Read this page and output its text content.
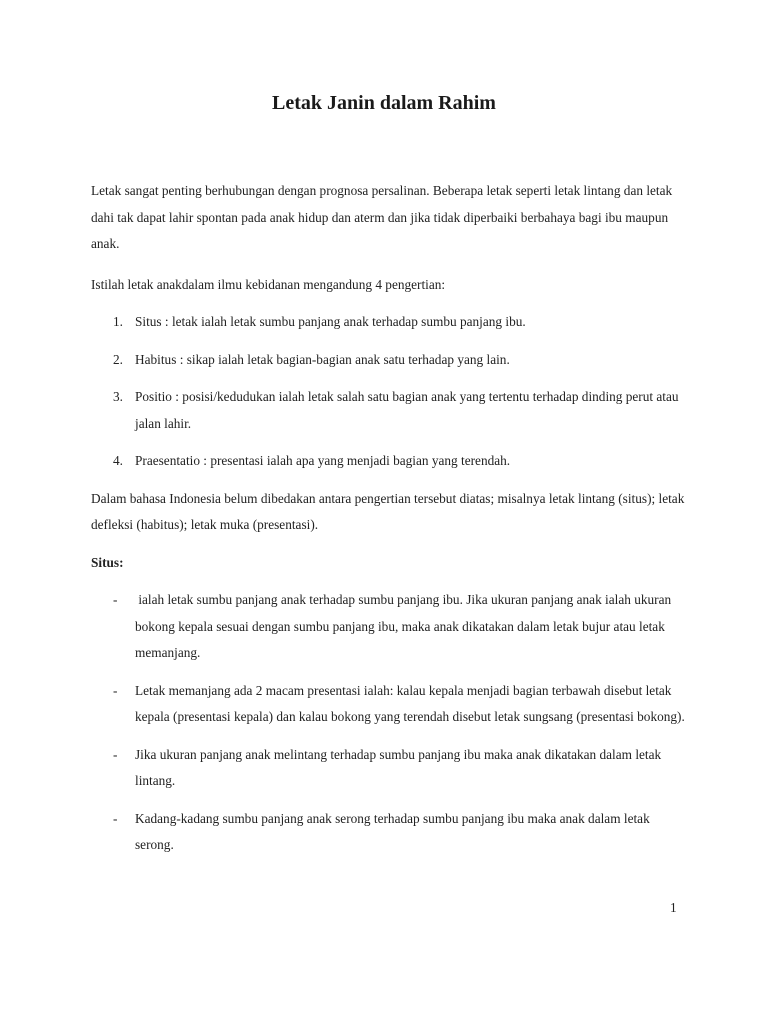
Letak Janin dalam Rahim

Letak sangat penting berhubungan dengan prognosa persalinan. Beberapa letak seperti letak lintang dan letak dahi tak dapat lahir spontan pada anak hidup dan aterm dan jika tidak diperbaiki berbahaya bagi ibu maupun anak.

Istilah letak anakdalam ilmu kebidanan mengandung 4 pengertian:

1. Situs : letak ialah letak sumbu panjang anak terhadap sumbu panjang ibu.
2. Habitus : sikap ialah letak bagian-bagian anak satu terhadap yang lain.
3. Positio : posisi/kedudukan ialah letak salah satu bagian anak yang tertentu terhadap dinding perut atau jalan lahir.
4. Praesentatio : presentasi ialah apa yang menjadi bagian yang terendah.

Dalam bahasa Indonesia belum dibedakan antara pengertian tersebut diatas; misalnya letak lintang (situs); letak defleksi (habitus); letak muka (presentasi).

Situs:

- ialah letak sumbu panjang anak terhadap sumbu panjang ibu. Jika ukuran panjang anak ialah ukuran bokong kepala sesuai dengan sumbu panjang ibu, maka anak dikatakan dalam letak bujur atau letak memanjang.
- Letak memanjang ada 2 macam presentasi ialah: kalau kepala menjadi bagian terbawah disebut letak kepala (presentasi kepala) dan kalau bokong yang terendah disebut letak sungsang (presentasi bokong).
- Jika ukuran panjang anak melintang terhadap sumbu panjang ibu maka anak dikatakan dalam letak lintang.
- Kadang-kadang sumbu panjang anak serong terhadap sumbu panjang ibu maka anak dalam letak serong.
1
